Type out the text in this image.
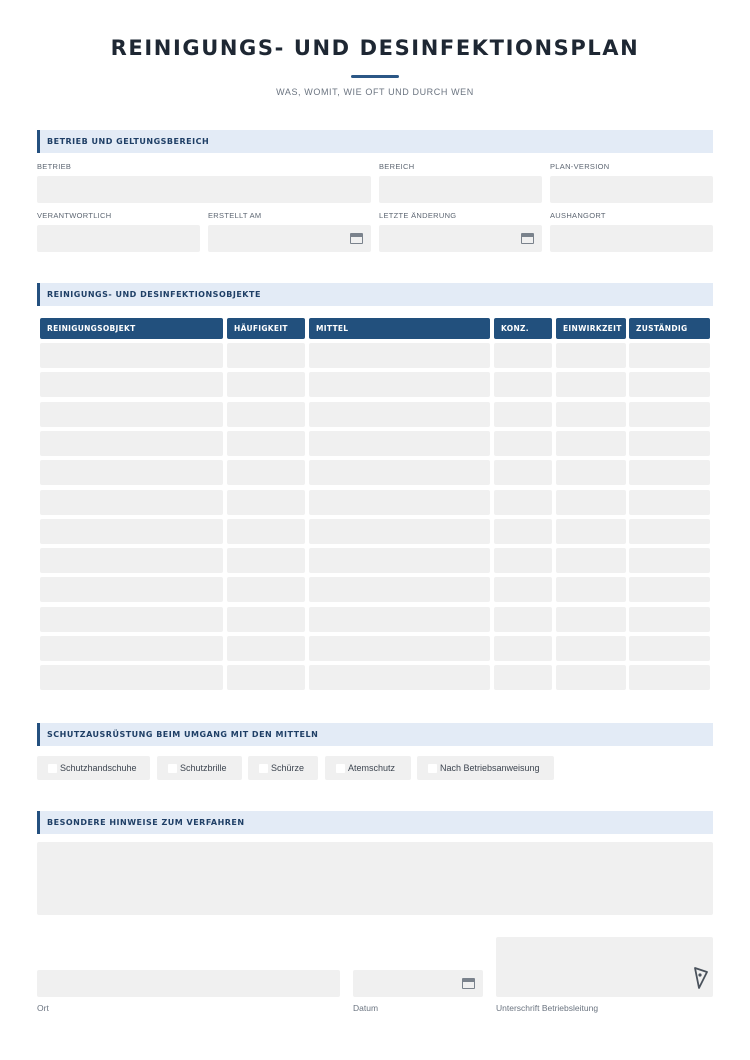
REINIGUNGS- UND DESINFEKTIONSPLAN
WAS, WOMIT, WIE OFT UND DURCH WEN
BETRIEB UND GELTUNGSBEREICH
BETRIEB	BEREICH	PLAN-VERSION
VERANTWORTLICH	ERSTELLT AM	LETZTE ÄNDERUNG	AUSHANGORT
REINIGUNGS- UND DESINFEKTIONSOBJEKTE
REINIGUNGSOBJEKT	HÄUFIGKEIT	MITTEL	KONZ.	EINWIRKZEIT	ZUSTÄNDIG
SCHUTZAUSRÜSTUNG BEIM UMGANG MIT DEN MITTELN
Schutzhandschuhe	Schutzbrille	Schürze	Atemschutz	Nach Betriebsanweisung
BESONDERE HINWEISE ZUM VERFAHREN
Ort	Datum	Unterschrift Betriebsleitung
